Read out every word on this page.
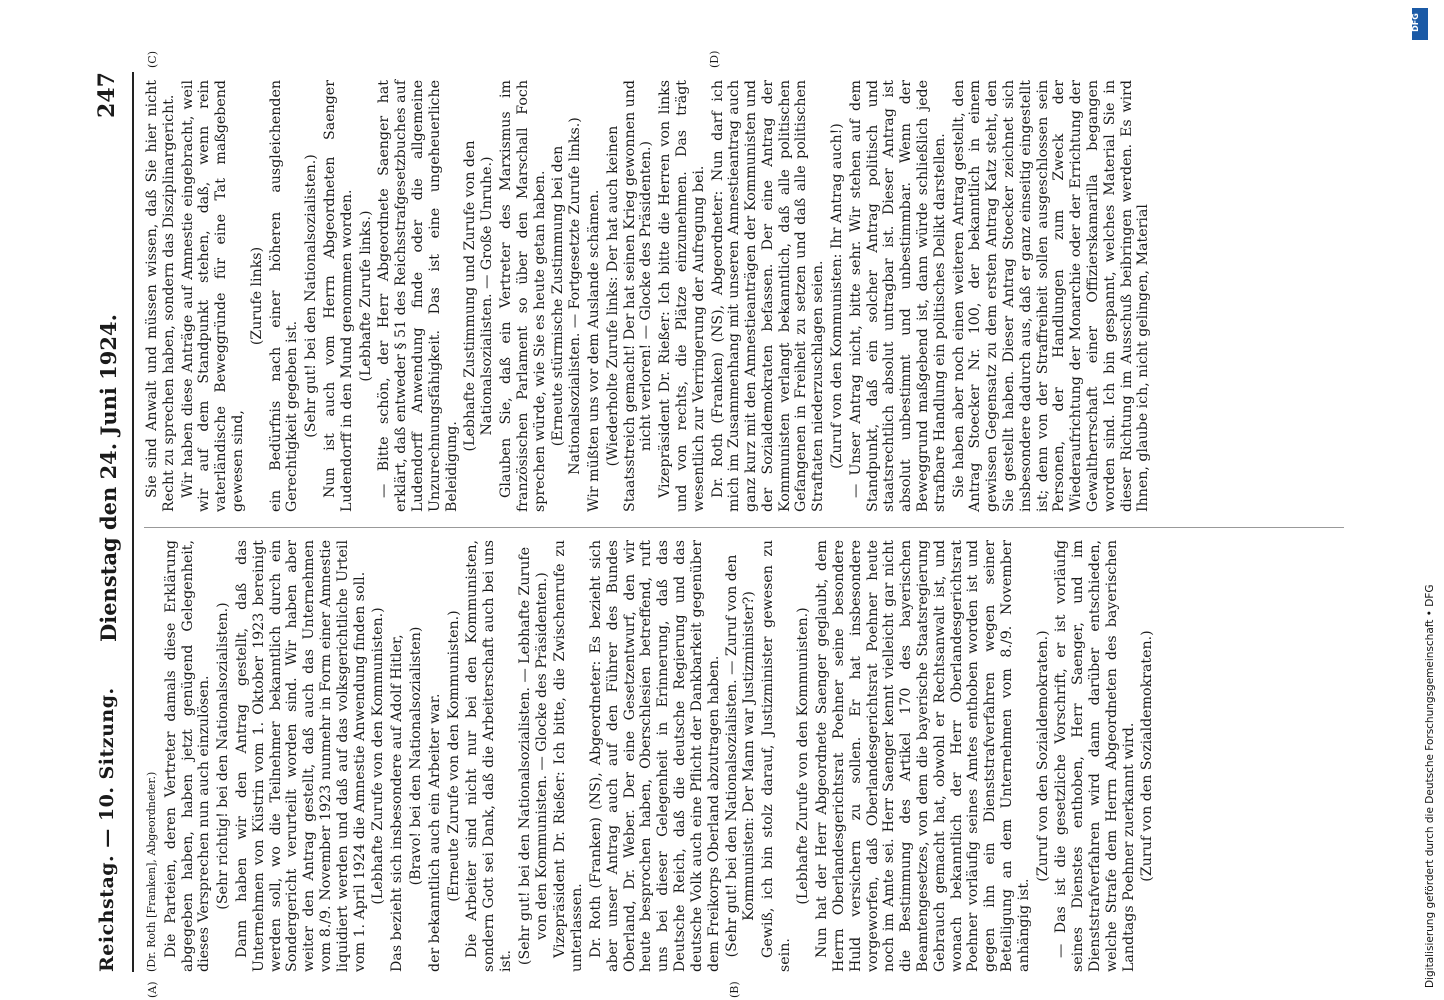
Reichstag. — 10. Sitzung.
Dienstag den 24. Juni 1924.
247
(A)	(B)
(C)	(D)

(Dr. Roth [Franken], Abgeordneter.) Die Parteien, deren Vertreter damals diese Erklärung abgegeben haben, haben jetzt genügend Gelegenheit, dieses Versprechen nun auch einzulösen. (Sehr richtig! bei den Nationalsozialisten.) Dann haben wir den Antrag gestellt, daß das Unternehmen von Küstrin vom 1. Oktober 1923 bereinigt werden soll, wo die Teilnehmer bekanntlich durch ein Sondergericht verurteilt worden sind. Wir haben aber weiter den Antrag gestellt, daß auch das Unternehmen vom 8./9. November 1923 nunmehr in Form einer Amnestie liquidiert werden und daß auf das volksgerichtliche Urteil vom 1. April 1924 die Amnestie Anwendung finden soll. (Lebhafte Zurufe von den Kommunisten.) Das bezieht sich insbesondere auf Adolf Hitler, (Bravo! bei den Nationalsozialisten) der bekanntlich auch ein Arbeiter war. (Erneute Zurufe von den Kommunisten.) Die Arbeiter sind nicht nur bei den Kommunisten, sondern Gott sei Dank, daß die Arbeiterschaft auch bei uns ist. (Sehr gut! bei den Nationalsozialisten. — Lebhafte Zurufe von den Kommunisten. — Glocke des Präsidenten.) Vizepräsident Dr. Rießer: Ich bitte, die Zwischenrufe zu unterlassen. Dr. Roth (Franken) (NS), Abgeordneter: Es bezieht sich aber unser Antrag auch auf den Führer des Bundes Oberland, Dr. Weber. Der eine Gesetzentwurf, den wir heute besprochen haben, Oberschlesien betreffend, ruft uns bei dieser Gelegenheit in Erinnerung, daß das Deutsche Reich, daß die deutsche Regierung und das deutsche Volk auch eine Pflicht der Dankbarkeit gegenüber dem Freikorps Oberland abzutragen haben. (Sehr gut! bei den Nationalsozialisten. — Zuruf von den Kommunisten: Der Mann war Justizminister?) Gewiß, ich bin stolz darauf, Justizminister gewesen zu sein.

(Lebhafte Zurufe von den Kommunisten.) Nun hat der Herr Abgeordnete Saenger geglaubt, dem Herrn Oberlandesgerichtsrat Poehner seine besondere Huld versichern zu sollen. Er hat insbesondere vorgeworfen, daß Oberlandesgerichtsrat Poehner heute noch im Amte sei. Herr Saenger kennt vielleicht gar nicht die Bestimmung des Artikel 170 des bayerischen Beamtengesetzes, von dem die bayerische Staatsregierung Gebrauch gemacht hat, obwohl er Rechtsanwalt ist, und wonach bekanntlich der Herr Oberlandesgerichtsrat Poehner vorläufig seines Amtes enthoben worden ist und gegen ihn ein Dienststrafverfahren wegen seiner Beteiligung an dem Unternehmen vom 8./9. November anhängig ist.

(Zuruf von den Sozialdemokraten.) — Das ist die gesetzliche Vorschrift, er ist vorläufig seines Dienstes enthoben, Herr Saenger, und im Dienststrafverfahren wird dann darüber entschieden, welche Strafe dem Herrn Abgeordneten des bayerischen Landtags Poehner zuerkannt wird. (Zuruf von den Sozialdemokraten.)

Sie sind Anwalt und müssen wissen, daß Sie hier nicht Recht zu sprechen haben, sondern das Disziplinargericht. Wir haben diese Anträge auf Amnestie eingebracht, weil wir auf dem Standpunkt stehen, daß, wenn rein vaterländische Beweggründe für eine Tat maßgebend gewesen sind,

(Zurufe links) ein Bedürfnis nach einer höheren ausgleichenden Gerechtigkeit gegeben ist. (Sehr gut! bei den Nationalsozialisten.) Nun ist auch vom Herrn Abgeordneten Saenger Ludendorff in den Mund genommen worden. (Lebhafte Zurufe links.) — Bitte schön, der Herr Abgeordnete Saenger hat erklärt, daß entweder § 51 des Reichsstrafgesetzbuches auf Ludendorff Anwendung finde oder die allgemeine Unzurechnungsfähigkeit. Das ist eine ungeheuerliche Beleidigung.

(Lebhafte Zustimmung und Zurufe von den Nationalsozialisten. — Große Unruhe.) Glauben Sie, daß ein Vertreter des Marxismus im französischen Parlament so über den Marschall Foch sprechen würde, wie Sie es heute getan haben. (Erneute stürmische Zustimmung bei den Nationalsozialisten. — Fortgesetzte Zurufe links.) Wir müßten uns vor dem Auslande schämen. (Wiederholte Zurufe links: Der hat auch keinen Staatsstreich gemacht! Der hat seinen Krieg gewonnen und nicht verloren! — Glocke des Präsidenten.) Vizepräsident Dr. Rießer: Ich bitte die Herren von links und von rechts, die Plätze einzunehmen. Das trägt wesentlich zur Verringerung der Aufregung bei. Dr. Roth (Franken) (NS), Abgeordneter: Nun darf ich mich im Zusammenhang mit unseren Amnestieantrag auch ganz kurz mit den Amnestieanträgen der Kommunisten und der Sozialdemokraten befassen. Der eine Antrag der Kommunisten verlangt bekanntlich, daß alle politischen Gefangenen in Freiheit zu setzen und daß alle politischen Straftaten niederzuschlagen seien. (Zuruf von den Kommunisten: Ihr Antrag auch!) — Unser Antrag nicht, bitte sehr. Wir stehen auf dem Standpunkt, daß ein solcher Antrag politisch und staatsrechtlich absolut untragbar ist. Dieser Antrag ist absolut unbestimmt und unbestimmbar. Wenn der Beweggrund maßgebend ist, dann würde schließlich jede strafbare Handlung ein politisches Delikt darstellen. Sie haben aber noch einen weiteren Antrag gestellt, den Antrag Stoecker Nr. 100, der bekanntlich in einem gewissen Gegensatz zu dem ersten Antrag Katz steht, den Sie gestellt haben. Dieser Antrag Stoecker zeichnet sich insbesondere dadurch aus, daß er ganz einseitig eingestellt ist; denn von der Straffreiheit sollen ausgeschlossen sein Personen, der Handlungen zum Zweck der Wiederaufrichtung der Monarchie oder der Errichtung der Gewaltherrschaft einer Offizierskamarilla begangen worden sind. Ich bin gespannt, welches Material Sie in dieser Richtung im Ausschuß beibringen werden. Es wird Ihnen, glaube ich, nicht gelingen, Material

DFG
Digitalisierung gefördert durch die Deutsche Forschungsgemeinschaft • DFG
